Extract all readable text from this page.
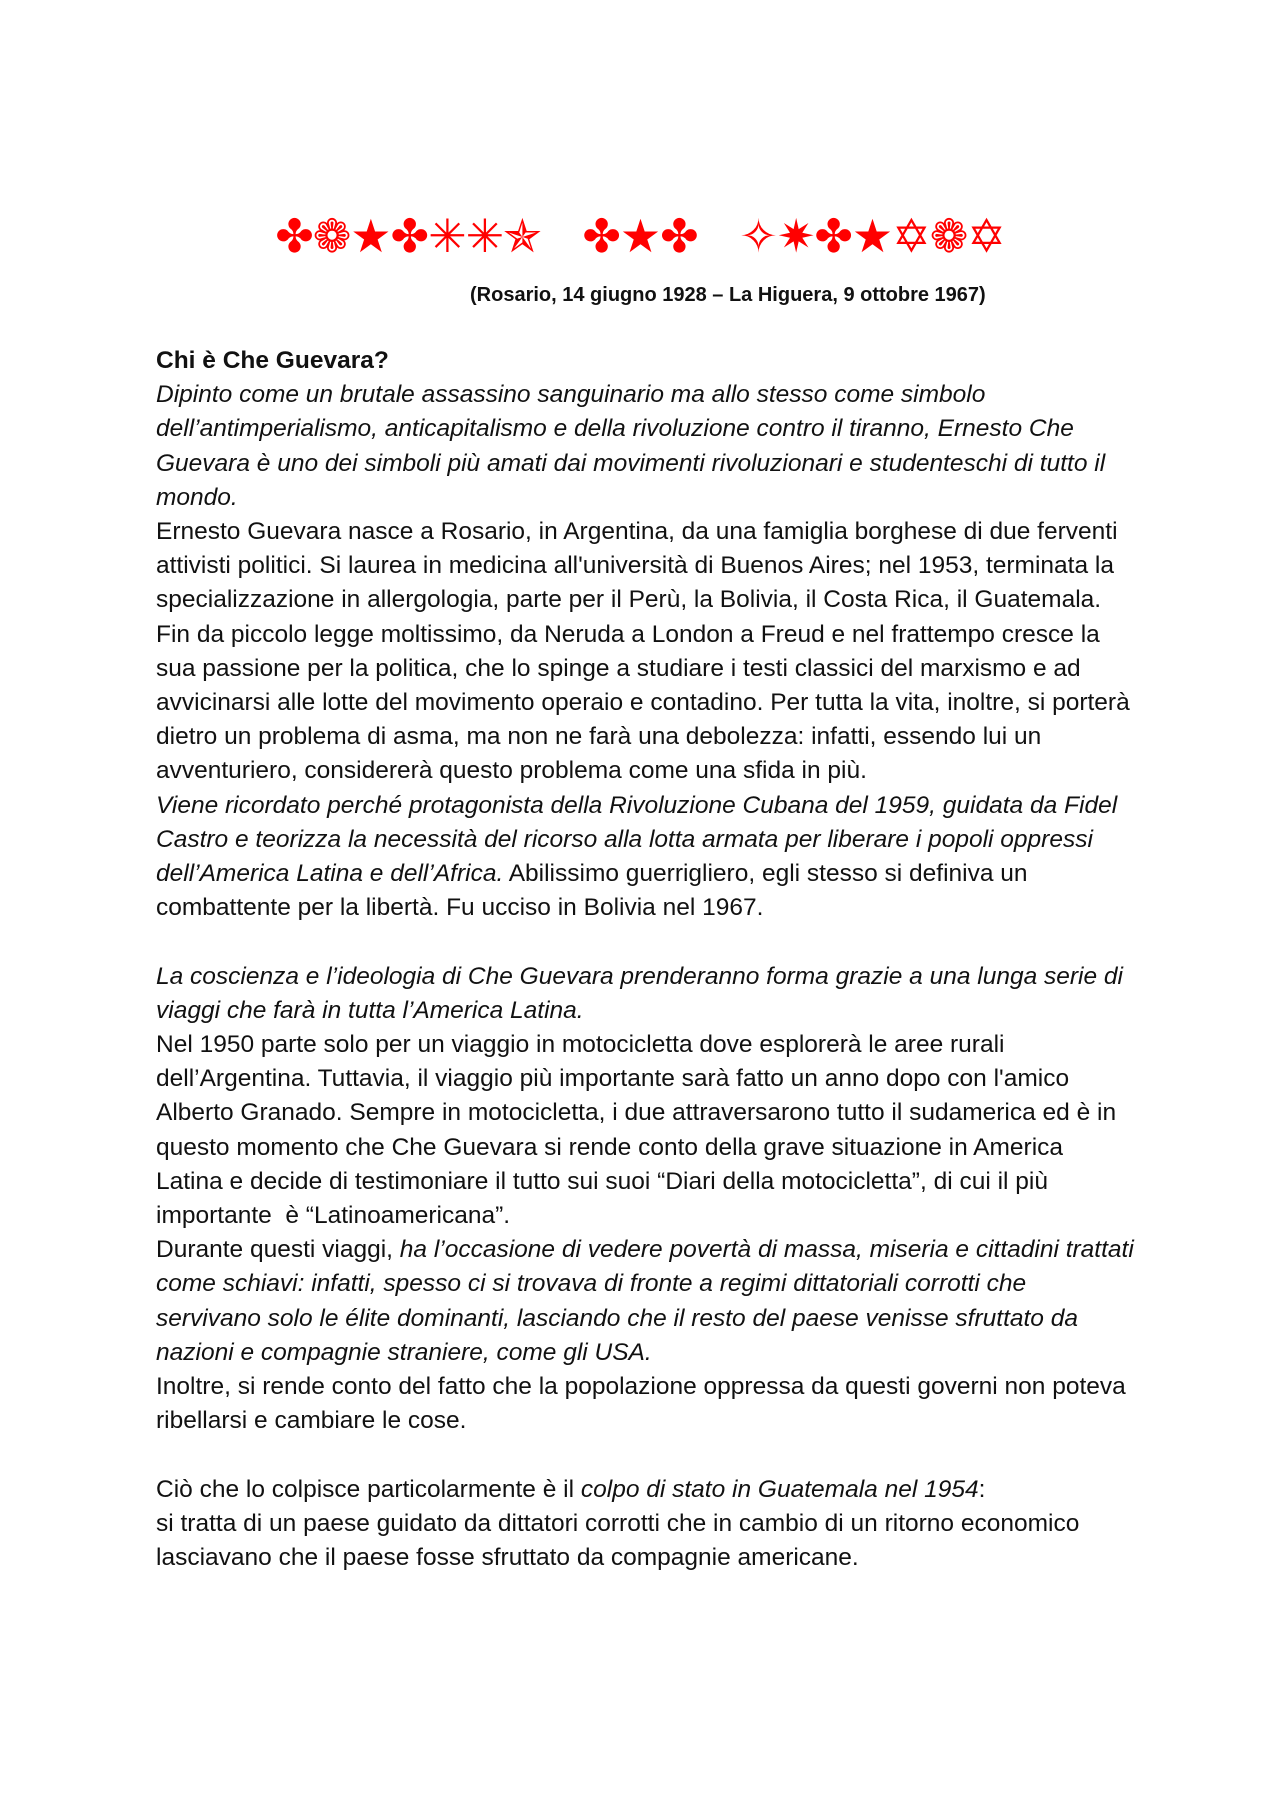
✤❁★✤✳✳✯ ✤★✤ ✧✷✤★✡❁✡
(Rosario, 14 giugno 1928 – La Higuera, 9 ottobre 1967)

Chi è Che Guevara?

Dipinto come un brutale assassino sanguinario ma allo stesso come simbolo dell’antimperialismo, anticapitalismo e della rivoluzione contro il tiranno, Ernesto Che Guevara è uno dei simboli più amati dai movimenti rivoluzionari e studenteschi di tutto il mondo.

Ernesto Guevara nasce a Rosario, in Argentina, da una famiglia borghese di due ferventi attivisti politici. Si laurea in medicina all'università di Buenos Aires; nel 1953, terminata la specializzazione in allergologia, parte per il Perù, la Bolivia, il Costa Rica, il Guatemala. Fin da piccolo legge moltissimo, da Neruda a London a Freud e nel frattempo cresce la sua passione per la politica, che lo spinge a studiare i testi classici del marxismo e ad avvicinarsi alle lotte del movimento operaio e contadino. Per tutta la vita, inoltre, si porterà dietro un problema di asma, ma non ne farà una debolezza: infatti, essendo lui un avventuriero, considererà questo problema come una sfida in più.

Viene ricordato perché protagonista della Rivoluzione Cubana del 1959, guidata da Fidel Castro e teorizza la necessità del ricorso alla lotta armata per liberare i popoli oppressi dell’America Latina e dell’Africa. Abilissimo guerrigliero, egli stesso si definiva un combattente per la libertà. Fu ucciso in Bolivia nel 1967.

La coscienza e l’ideologia di Che Guevara prenderanno forma grazie a una lunga serie di viaggi che farà in tutta l’America Latina.

Nel 1950 parte solo per un viaggio in motocicletta dove esplorerà le aree rurali dell’Argentina. Tuttavia, il viaggio più importante sarà fatto un anno dopo con l'amico Alberto Granado. Sempre in motocicletta, i due attraversarono tutto il sudamerica ed è in questo momento che Che Guevara si rende conto della grave situazione in America Latina e decide di testimoniare il tutto sui suoi “Diari della motocicletta”, di cui il più importante  è “Latinoamericana”.

Durante questi viaggi, ha l’occasione di vedere povertà di massa, miseria e cittadini trattati come schiavi: infatti, spesso ci si trovava di fronte a regimi dittatoriali corrotti che servivano solo le élite dominanti, lasciando che il resto del paese venisse sfruttato da nazioni e compagnie straniere, come gli USA.

Inoltre, si rende conto del fatto che la popolazione oppressa da questi governi non poteva ribellarsi e cambiare le cose.

Ciò che lo colpisce particolarmente è il colpo di stato in Guatemala nel 1954:

si tratta di un paese guidato da dittatori corrotti che in cambio di un ritorno economico lasciavano che il paese fosse sfruttato da compagnie americane.
